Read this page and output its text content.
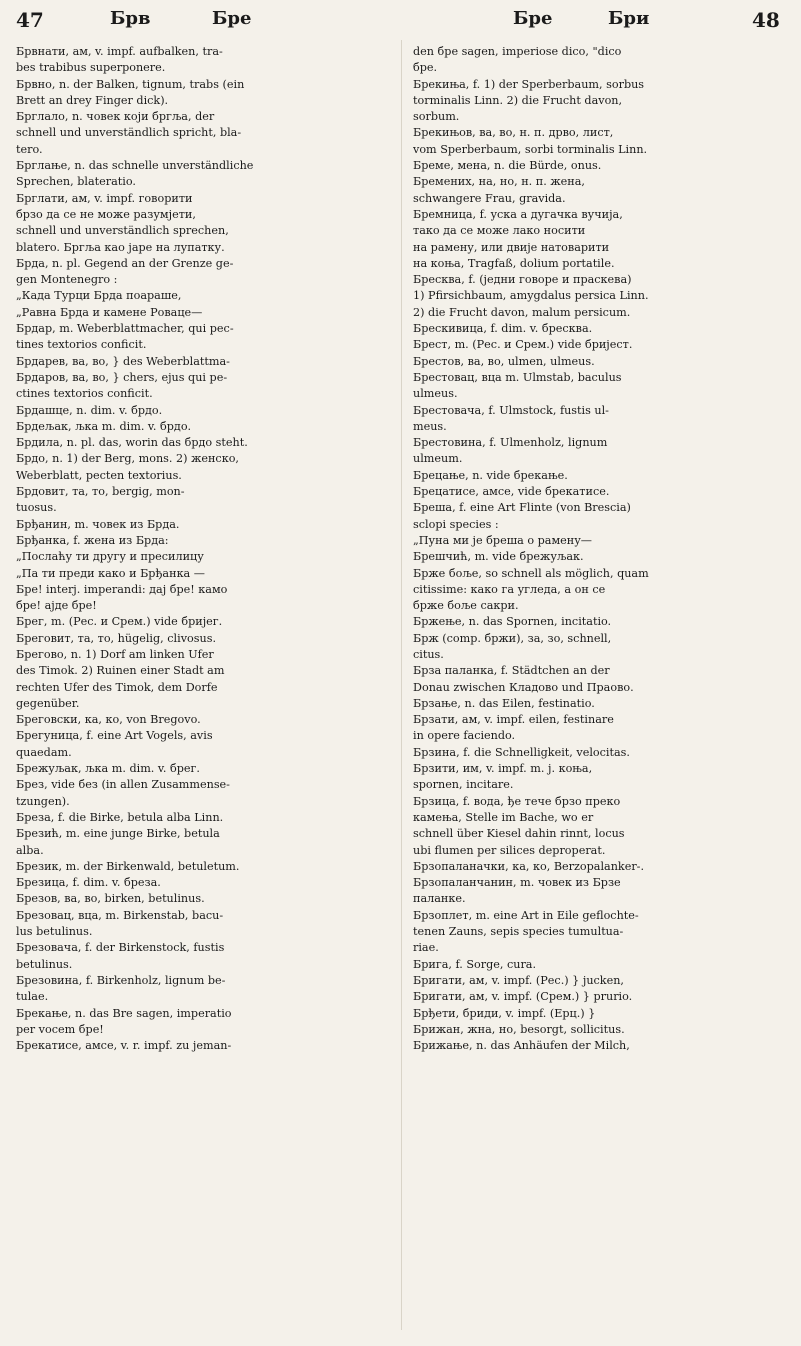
47	Брв	Бре	Бре	Бри	48
Брвнати, ам, v. impf. aufbalken, tra-
bes trabibus superponere.
Брвно, n. der Balken, tignum, trabs (ein
Brett an drey Finger dick).
Брглало, n. човек који бргља, der
schnell und unverständlich spricht, bla-
tero.
Брглање, n. das schnelle unverständliche
Sprechen, blateratio.
Брглати, ам, v. impf. говорити
брзо да се не може разумјети,
schnell und unverständlich sprechen,
blatero. Бргља као јаре на лупатку.
Брда, n. pl. Gegend an der Grenze ge-
gen Montenegro :
„Када Турци Брда поараше,
„Равна Брда и камене Роваце—
Брдар, m. Weberblattmacher, qui pec-
tines textorios conficit.
Брдарев, ва, во, } des Weberblattma-
Брдаров, ва, во, } chers, ejus qui pe-
ctines textorios conficit.
Брдашце, n. dim. v. брдо.
Брдељак, љка m. dim. v. брдо.
Брдила, n. pl. das, worin das брдо steht.
Брдо, n. 1) der Berg, mons. 2) женско,
Weberblatt, pecten textorius.
Брдовит, та, то, bergig, mon-
tuosus.
Брђанин, m. човек из Брда.
Брђанка, f. жена из Брда:
„Послаћу ти другу и пресилицу
„Па ти преди како и Брђанка —
Бре! interj. imperandi: дај бре! камо
бре! ајде бре!
Брег, m. (Рес. и Срем.) vide бријег.
Бреговит, та, то, hügelig, clivosus.
Брегово, n. 1) Dorf am linken Ufer
des Timok. 2) Ruinen einer Stadt am
rechten Ufer des Timok, dem Dorfe
gegenüber.
Бреговски, ка, ко, von Bregovo.
Брегуница, f. eine Art Vogels, avis
quaedam.
Брежуљак, љка m. dim. v. брег.
Брез, vide без (in allen Zusammense-
tzungen).
Бреза, f. die Birke, betula alba Linn.
Брезић, m. eine junge Birke, betula
alba.
Брезик, m. der Birkenwald, betuletum.
Брезица, f. dim. v. бреза.
Брезов, ва, во, birken, betulinus.
Брезовац, вца, m. Birkenstab, bacu-
lus betulinus.
Брезовача, f. der Birkenstock, fustis
betulinus.
Брезовина, f. Birkenholz, lignum be-
tulae.
Брекање, n. das Bre sagen, imperatio
per vocem бре!
Брекатисе, амсе, v. r. impf. zu jeman-
den бре sagen, imperiose dico, "dico
бре.
Брекиња, f. 1) der Sperberbaum, sorbus
torminalis Linn. 2) die Frucht davon,
sorbum.
Брекињов, ва, во, н. п. дрво, лист,
vom Sperberbaum, sorbi torminalis Linn.
Бреме, мена, n. die Bürde, onus.
Бремених, на, но, н. п. жена,
schwangere Frau, gravida.
Бремница, f. уска а дугачка вучија,
тако да се може лако носити
на рамену, или двије натоварити
на коња, Tragfaß, dolium portatile.
Бресква, f. (једни говоре и праскева)
1) Pfirsichbaum, amygdalus persica Linn.
2) die Frucht davon, malum persicum.
Брескивица, f. dim. v. бресква.
Брест, m. (Рес. и Срем.) vide бријест.
Брестов, ва, во, ulmen, ulmeus.
Брестовац, вца m. Ulmstab, baculus
ulmeus.
Брестовача, f. Ulmstock, fustis ul-
meus.
Брестовина, f. Ulmenholz, lignum
ulmeum.
Брецање, n. vide брекање.
Брецатисе, амсе, vide брекатисе.
Брешa, f. eine Art Flinte (von Brescia)
sclopi species :
„Пуна ми је бреша о рамену—
Брешчић, m. vide брежуљак.
Бржe боље, so schnell als möglich, quam
citissime: како га угледа, а он се
брже боље сакри.
Бржење, n. das Spornen, incitatio.
Брж (comp. бржи), за, зо, schnell,
citus.
Брза паланка, f. Städtchen an der
Donau zwischen Кладово und Праово.
Брзање, n. das Eilen, festinatio.
Брзати, ам, v. impf. eilen, festinare
in opere faciendo.
Брзина, f. die Schnelligkeit, velocitas.
Брзити, им, v. impf. m. j. коња,
spornen, incitare.
Брзица, f. вода, ђе тече брзо преко
камења, Stelle im Bache, wo er
schnell über Kiesel dahin rinnt, locus
ubi flumen per silices deproperat.
Брзопаланачки, ка, ко, Berzopalanker-.
Брзопаланчанин, m. човек из Брзе
паланке.
Брзоплет, m. eine Art in Eile geflochte-
tenen Zauns, sepis species tumultua-
riae.
Брига, f. Sorge, cura.
Бригати, ам, v. impf. (Рес.) } jucken,
Бригати, ам, v. impf. (Срем.) } prurio.
Брђети, бриди, v. impf. (Ерц.) }
Брижан, жна, но, besorgt, sollicitus.
Брижање, n. das Anhäufen der Milch,
